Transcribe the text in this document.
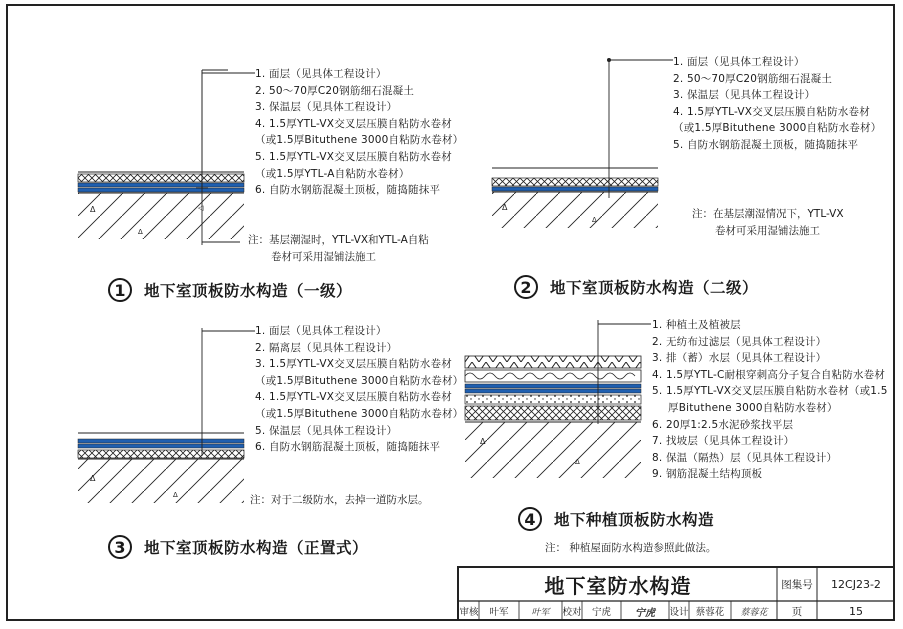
Δ	◁
Δ
1. 面层（见具体工程设计）
2. 50～70厚C20钢筋细石混凝土
3. 保温层（见具体工程设计）
4. 1.5厚YTL-VX交叉层压膜自粘防水卷材
（或1.5厚Bituthene 3000自粘防水卷材）
5. 1.5厚YTL-VX交叉层压膜自粘防水卷材
（或1.5厚YTL-A自粘防水卷材）
6. 自防水钢筋混凝土顶板，随捣随抹平
注：基层潮湿时，YTL-VX和YTL-A自粘
卷材可采用湿铺法施工
1	地下室顶板防水构造（一级）
Δ
Δ
1. 面层（见具体工程设计）
2. 50～70厚C20钢筋细石混凝土
3. 保温层（见具体工程设计）
4. 1.5厚YTL-VX交叉层压膜自粘防水卷材
（或1.5厚Bituthene 3000自粘防水卷材）
5. 自防水钢筋混凝土顶板，随捣随抹平
注：在基层潮湿情况下，YTL-VX
卷材可采用湿铺法施工
2	地下室顶板防水构造（二级）
Δ
Δ
1. 面层（见具体工程设计）
2. 隔离层（见具体工程设计）
3. 1.5厚YTL-VX交叉层压膜自粘防水卷材
（或1.5厚Bituthene 3000自粘防水卷材）
4. 1.5厚YTL-VX交叉层压膜自粘防水卷材
（或1.5厚Bituthene 3000自粘防水卷材）
5. 保温层（见具体工程设计）
6. 自防水钢筋混凝土顶板，随捣随抹平
注：对于二级防水，去掉一道防水层。
3	地下室顶板防水构造（正置式）
Δ
Δ
1. 种植土及植被层
2. 无纺布过滤层（见具体工程设计）
3. 排（蓄）水层（见具体工程设计）
4. 1.5厚YTL-C耐根穿刺高分子复合自粘防水卷材
5. 1.5厚YTL-VX交叉层压膜自粘防水卷材（或1.5
厚Bituthene 3000自粘防水卷材）
6. 20厚1:2.5水泥砂浆找平层
7. 找坡层（见具体工程设计）
8. 保温（隔热）层（见具体工程设计）
9. 钢筋混凝土结构顶板
4	地下种植顶板防水构造
注： 种植屋面防水构造参照此做法。
地下室防水构造	图集号	12CJ23-2
审核	叶军	叶军	校对	宁虎	宁虎	设计 蔡蓉花	蔡蓉花	页	15
